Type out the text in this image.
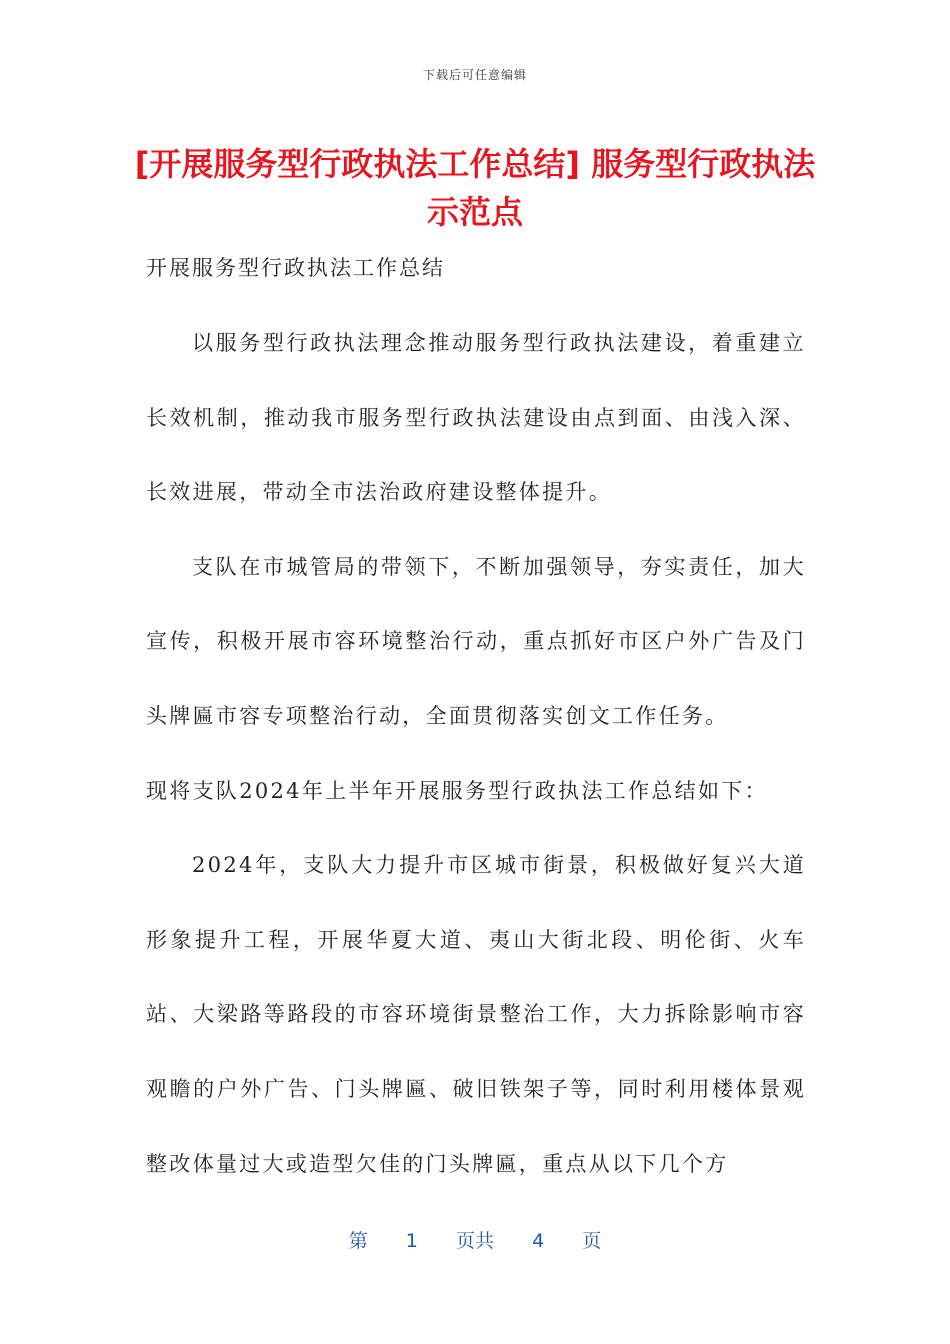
下载后可任意编辑
[开展服务型行政执法工作总结] 服务型行政执法示范点
开展服务型行政执法工作总结

以服务型行政执法理念推动服务型行政执法建设，着重建立长效机制，推动我市服务型行政执法建设由点到面、由浅入深、长效进展，带动全市法治政府建设整体提升。

支队在市城管局的带领下，不断加强领导，夯实责任，加大宣传，积极开展市容环境整治行动，重点抓好市区户外广告及门头牌匾市容专项整治行动，全面贯彻落实创文工作任务。

现将支队2024年上半年开展服务型行政执法工作总结如下：

2024年，支队大力提升市区城市街景，积极做好复兴大道形象提升工程，开展华夏大道、夷山大街北段、明伦街、火车站、大梁路等路段的市容环境街景整治工作，大力拆除影响市容观瞻的户外广告、门头牌匾、破旧铁架子等，同时利用楼体景观整改体量过大或造型欠佳的门头牌匾，重点从以下几个方

第 1 页共 4 页
